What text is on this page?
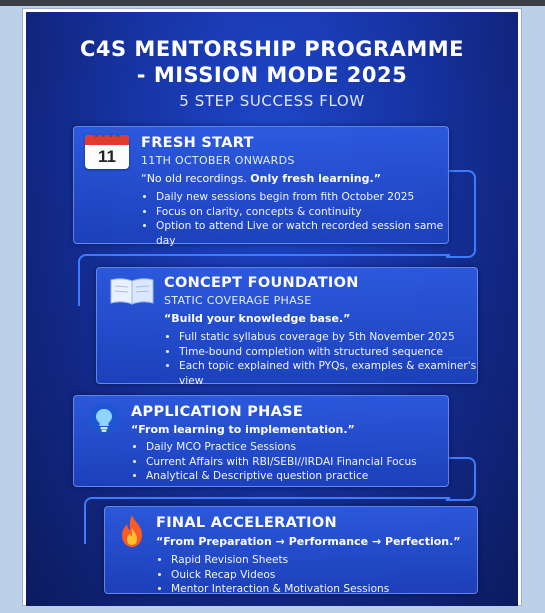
C4S MENTORSHIP PROGRAMME
- MISSION MODE 2025
5 STEP SUCCESS FLOW
11
FRESH START
11TH OCTOBER ONWARDS
“No old recordings. Only fresh learning.”
• Daily new sessions begin from fith October 2025
• Focus on clarity, concepts & continuity
• Option to attend Live or watch recorded session same day
CONCEPT FOUNDATION
STATIC COVERAGE PHASE
“Build your knowledge base.”
• Full static syllabus coverage by 5th November 2025
• Time-bound completion with structured sequence
• Each topic explained with PYQs, examples & examiner's view
APPLICATION PHASE
“From learning to implementation.”
• Daily MCO Practice Sessions
• Current Affairs with RBI/SEBI//IRDAI Financial Focus
• Analytical & Descriptive question practice
FINAL ACCELERATION
“From Preparation → Performance → Perfection.”
• Rapid Revision Sheets
• Ouick Recap Videos
• Mentor Interaction & Motivation Sessions
